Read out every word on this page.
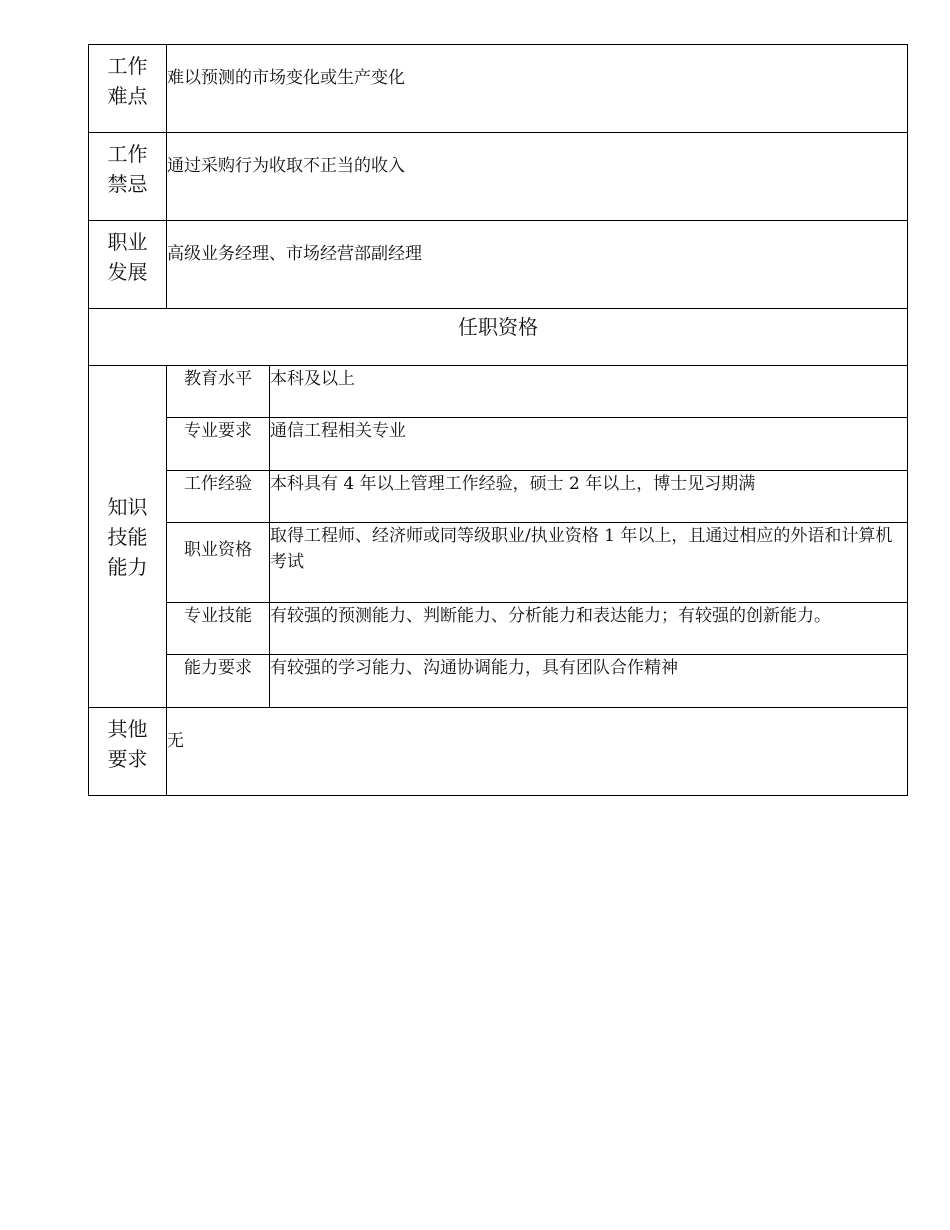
工作
难点	难以预测的市场变化或生产变化	

工作
禁忌	通过采购行为收取不正当的收入	

职业
发展	高级业务经理、市场经营部副经理	
任职资格		

知识
技能
能力	教育水平	本科及以上
	专业要求	通信工程相关专业
	工作经验	本科具有 4 年以上管理工作经验，硕士 2 年以上，博士见习期满
	职业资格	取得工程师、经济师或同等级职业/执业资格 1 年以上，且通过相应的外语和计算机考试
	专业技能	有较强的预测能力、判断能力、分析能力和表达能力；有较强的创新能力。
	能力要求	有较强的学习能力、沟通协调能力，具有团队合作精神

其他
要求	无	
